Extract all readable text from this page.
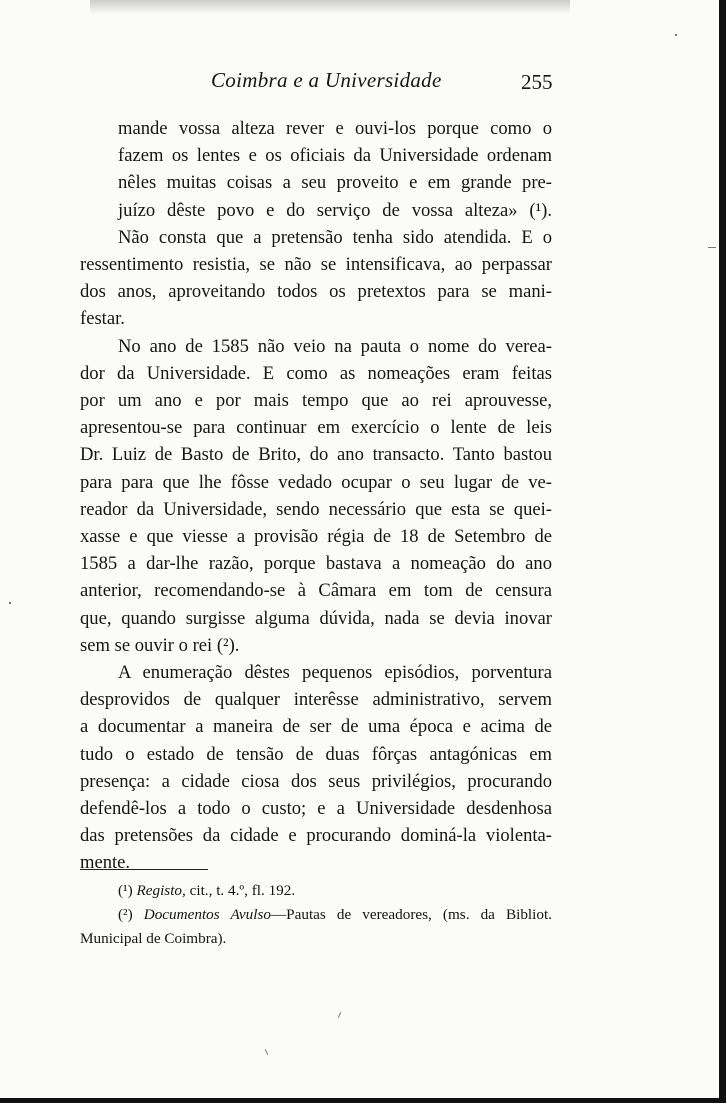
Coimbra e a Universidade	255
mande vossa alteza rever e ouvi-los porque como o
fazem os lentes e os oficiais da Universidade ordenam
nêles muitas coisas a seu proveito e em grande pre-
juízo dêste povo e do serviço de vossa alteza» (¹).
Não consta que a pretensão tenha sido atendida. E o
ressentimento resistia, se não se intensificava, ao perpassar
dos anos, aproveitando todos os pretextos para se mani-
festar.
No ano de 1585 não veio na pauta o nome do verea-
dor da Universidade. E como as nomeações eram feitas
por um ano e por mais tempo que ao rei aprouvesse,
apresentou-se para continuar em exercício o lente de leis
Dr. Luiz de Basto de Brito, do ano transacto. Tanto bastou
para para que lhe fôsse vedado ocupar o seu lugar de ve-
reador da Universidade, sendo necessário que esta se quei-
xasse e que viesse a provisão régia de 18 de Setembro de
1585 a dar-lhe razão, porque bastava a nomeação do ano
anterior, recomendando-se à Câmara em tom de censura
que, quando surgisse alguma dúvida, nada se devia inovar
sem se ouvir o rei (²).
A enumeração dêstes pequenos episódios, porventura
desprovidos de qualquer interêsse administrativo, servem
a documentar a maneira de ser de uma época e acima de
tudo o estado de tensão de duas fôrças antagónicas em
presença: a cidade ciosa dos seus privilégios, procurando
defendê-los a todo o custo; e a Universidade desdenhosa
das pretensões da cidade e procurando dominá-la violenta-
mente.
(¹) Registo, cit., t. 4.º, fl. 192.
(²) Documentos Avulso—Pautas de vereadores, (ms. da Bibliot.
Municipal de Coimbra).
